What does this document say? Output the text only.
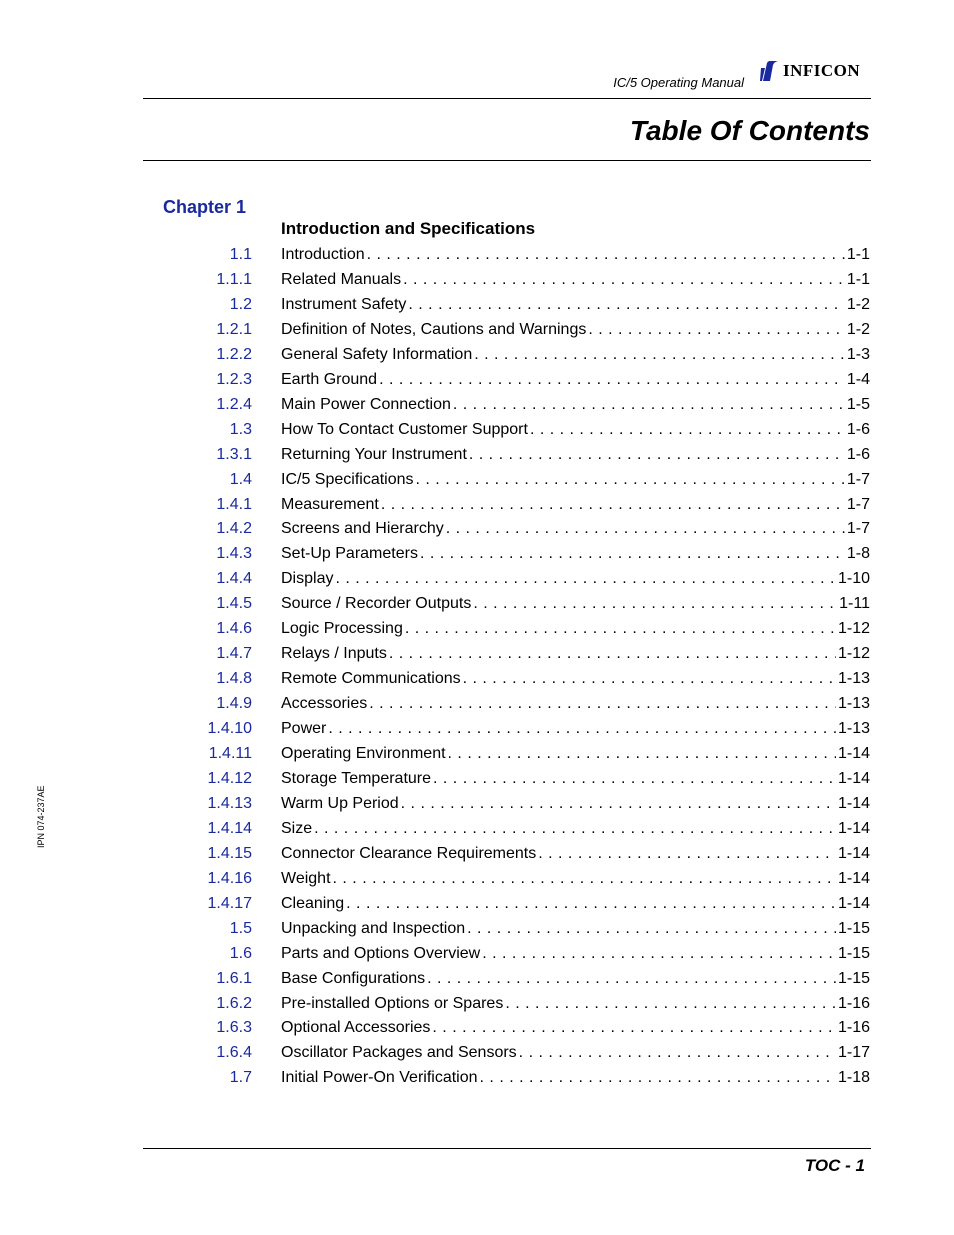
IC/5 Operating Manual
INFICON
Table Of Contents
Chapter 1
Introduction and Specifications
1.1 Introduction . . .	1-1
1.1.1 Related Manuals . . .	1-1
1.2 Instrument Safety . . .	1-2
1.2.1 Definition of Notes, Cautions and Warnings . . .	1-2
1.2.2 General Safety Information . . .	1-3
1.2.3 Earth Ground . . .	1-4
1.2.4 Main Power Connection . . .	1-5
1.3 How To Contact Customer Support . . .	1-6
1.3.1 Returning Your Instrument . . .	1-6
1.4 IC/5 Specifications . . .	1-7
1.4.1 Measurement . . .	1-7
1.4.2 Screens and Hierarchy . . .	1-7
1.4.3 Set-Up Parameters . . .	1-8
1.4.4 Display . . .	1-10
1.4.5 Source / Recorder Outputs . . .	1-11
1.4.6 Logic Processing . . .	1-12
1.4.7 Relays / Inputs . . .	1-12
1.4.8 Remote Communications . . .	1-13
1.4.9 Accessories . . .	1-13
1.4.10 Power . . .	1-13
1.4.11 Operating Environment . . .	1-14
1.4.12 Storage Temperature . . .	1-14
1.4.13 Warm Up Period . . .	1-14
1.4.14 Size . . .	1-14
1.4.15 Connector Clearance Requirements . . .	1-14
1.4.16 Weight . . .	1-14
1.4.17 Cleaning . . .	1-14
1.5 Unpacking and Inspection . . .	1-15
1.6 Parts and Options Overview . . .	1-15
1.6.1 Base Configurations . . .	1-15
1.6.2 Pre-installed Options or Spares . . .	1-16
1.6.3 Optional Accessories . . .	1-16
1.6.4 Oscillator Packages and Sensors . . .	1-17
1.7 Initial Power-On Verification . . .	1-18
IPN 074-237AE
TOC - 1
